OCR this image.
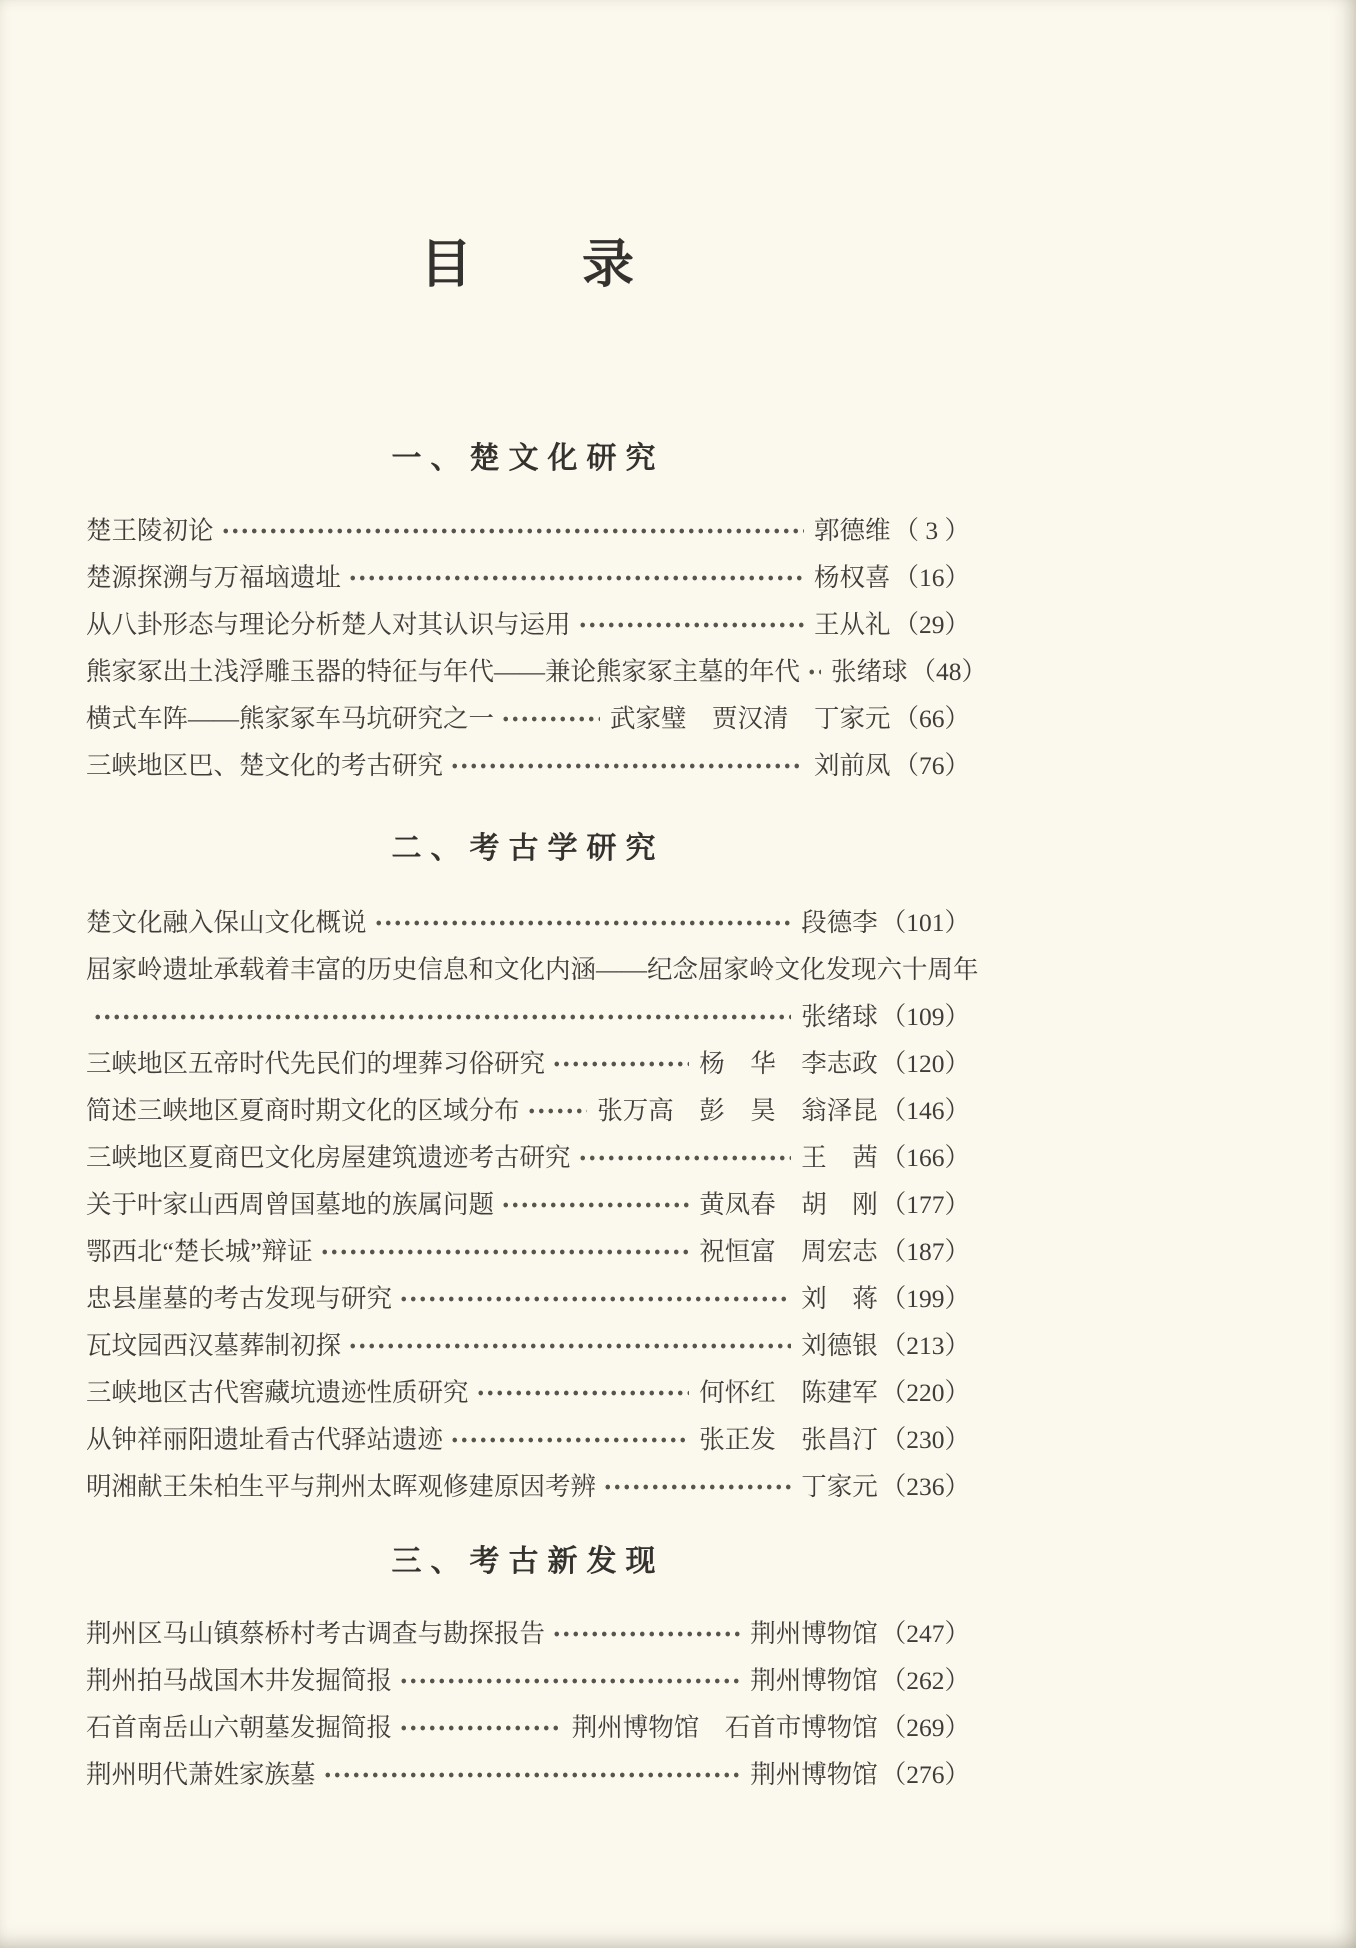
目　　录
一、楚文化研究
楚王陵初论	郭德维 （ 3 ）
楚源探溯与万福垴遗址	杨权喜 （16）
从八卦形态与理论分析楚人对其认识与运用	王从礼 （29）
熊家冢出土浅浮雕玉器的特征与年代——兼论熊家冢主墓的年代 张绪球 （48）
横式车阵——熊家冢车马坑研究之一	武家璧　贾汉清　丁家元 （66）
三峡地区巴、楚文化的考古研究	刘前凤 （76）
二、考古学研究
楚文化融入保山文化概说	段德李 （101）
屈家岭遗址承载着丰富的历史信息和文化内涵——纪念屈家岭文化发现六十周年
张绪球 （109）
三峡地区五帝时代先民们的埋葬习俗研究	杨　华　李志政 （120）
简述三峡地区夏商时期文化的区域分布	张万高　彭　昊　翁泽昆 （146）
三峡地区夏商巴文化房屋建筑遗迹考古研究	王　茜 （166）
关于叶家山西周曾国墓地的族属问题	黄凤春　胡　刚 （177）
鄂西北“楚长城”辩证	祝恒富　周宏志 （187）
忠县崖墓的考古发现与研究	刘　蒋 （199）
瓦坟园西汉墓葬制初探	刘德银 （213）
三峡地区古代窖藏坑遗迹性质研究	何怀红　陈建军 （220）
从钟祥丽阳遗址看古代驿站遗迹	张正发　张昌汀 （230）
明湘献王朱柏生平与荆州太晖观修建原因考辨	丁家元 （236）
三、考古新发现
荆州区马山镇蔡桥村考古调查与勘探报告	荆州博物馆 （247）
荆州拍马战国木井发掘简报	荆州博物馆 （262）
石首南岳山六朝墓发掘简报	荆州博物馆　石首市博物馆 （269）
荆州明代萧姓家族墓	荆州博物馆 （276）
